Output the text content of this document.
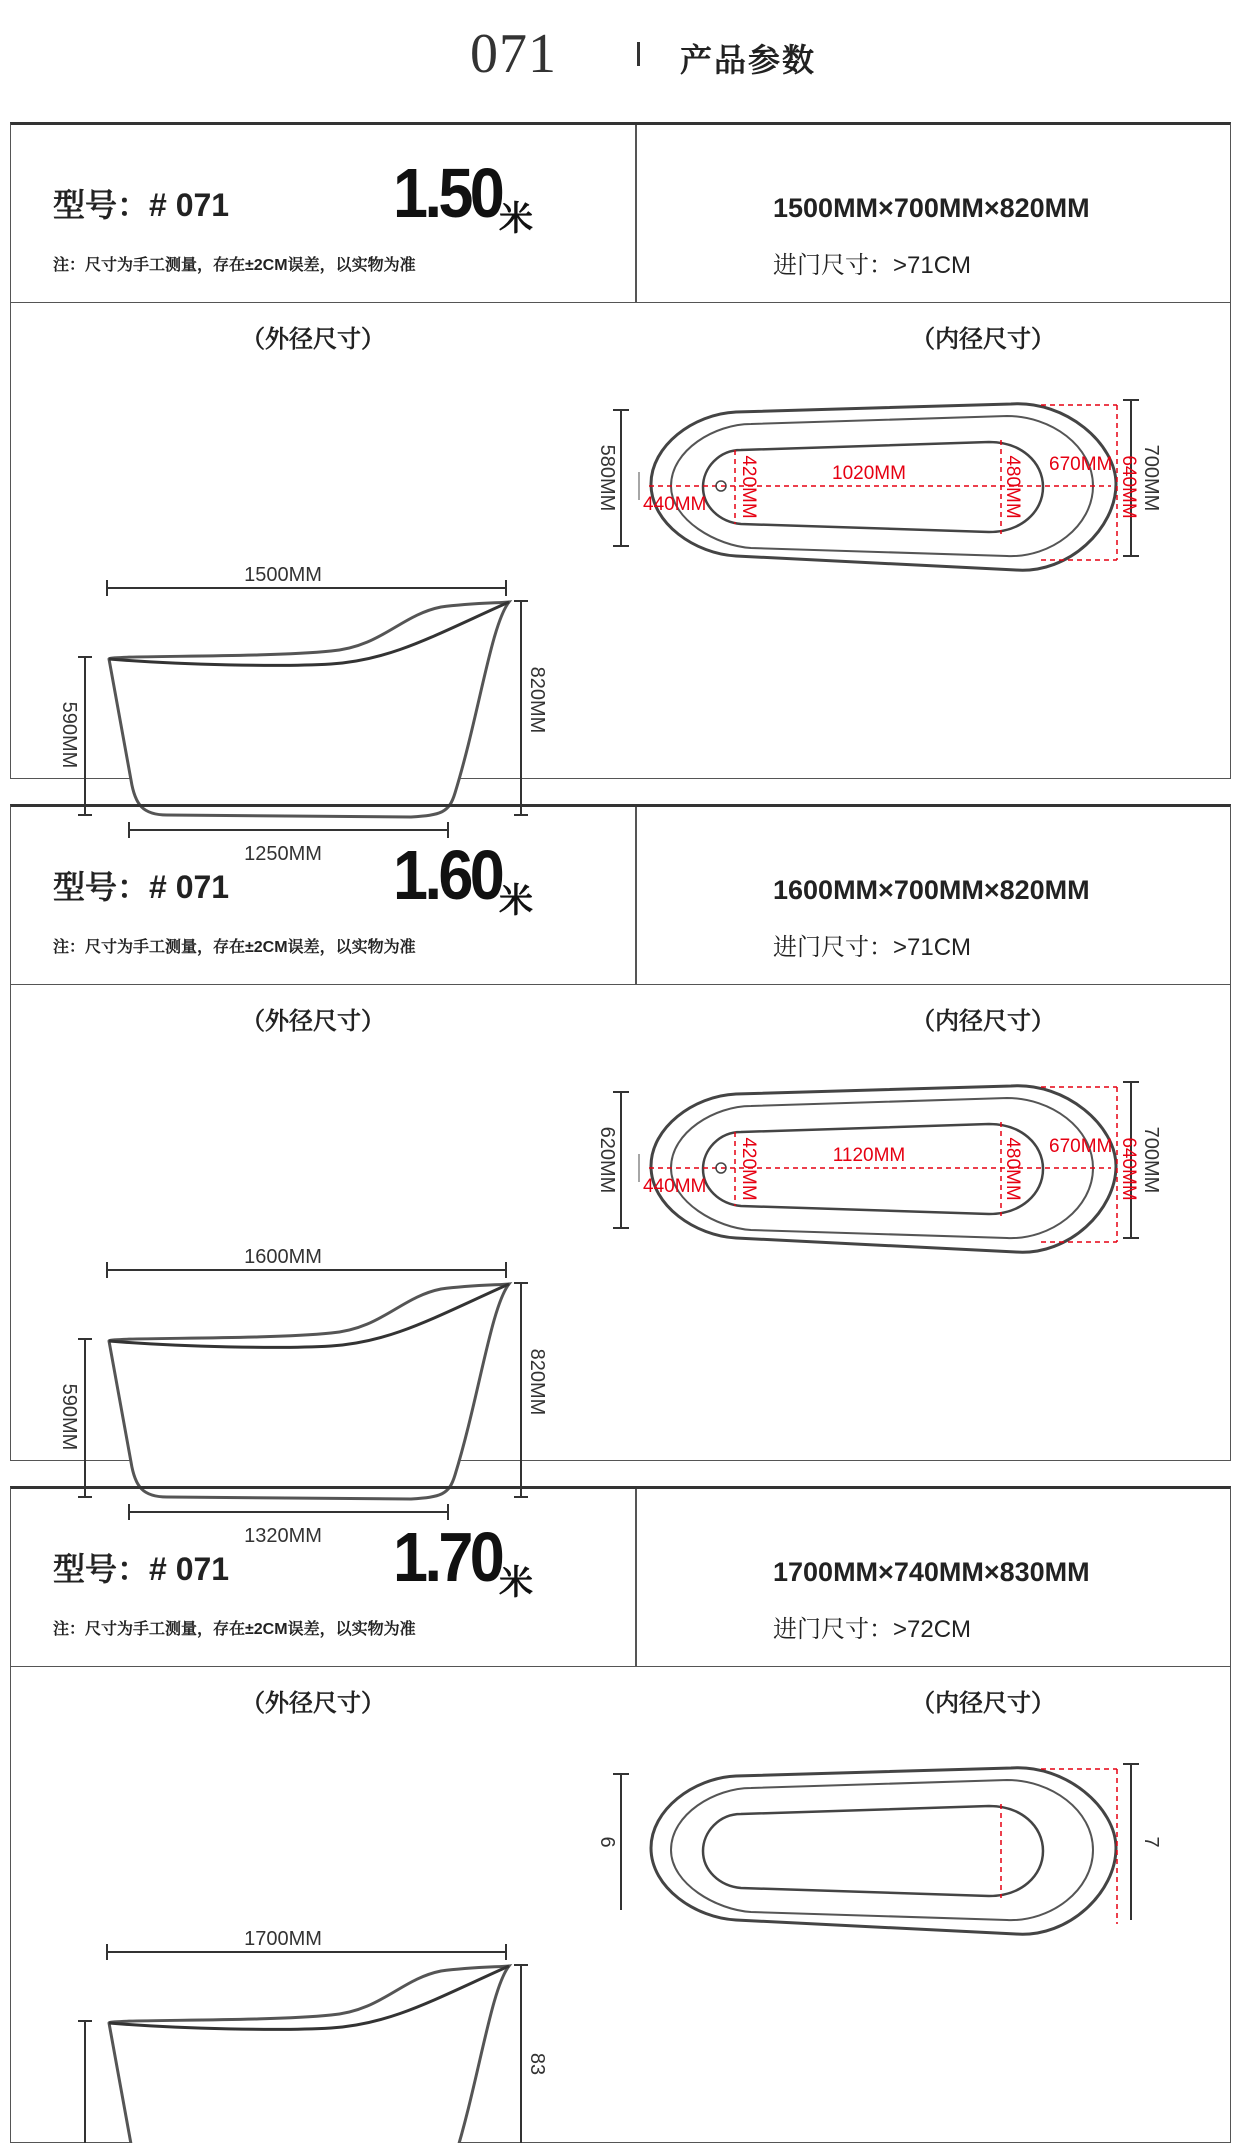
071	产品参数
型号：# 071 1.50
米
注：尺寸为手工测量，存在±2CM误差，以实物为准
1500MM×700MM×820MM
进门尺寸：>71CM
（外径尺寸）	（内径尺寸）
1500MM
590MM
820MM
1250MM
580MM	700MM
440MM 420MM	1020MM	480MM 670MM 640MM
型号：# 071 1.60
米
注：尺寸为手工测量，存在±2CM误差，以实物为准
1600MM×700MM×820MM
进门尺寸：>71CM
（外径尺寸）	（内径尺寸）
1600MM
590MM
820MM
1320MM
620MM	700MM
440MM 420MM	1120MM	480MM 670MM 640MM
型号：# 071 1.70
米
注：尺寸为手工测量，存在±2CM误差，以实物为准
1700MM×740MM×830MM
进门尺寸：>72CM
（外径尺寸）	（内径尺寸）
1700MM
83
6	7
